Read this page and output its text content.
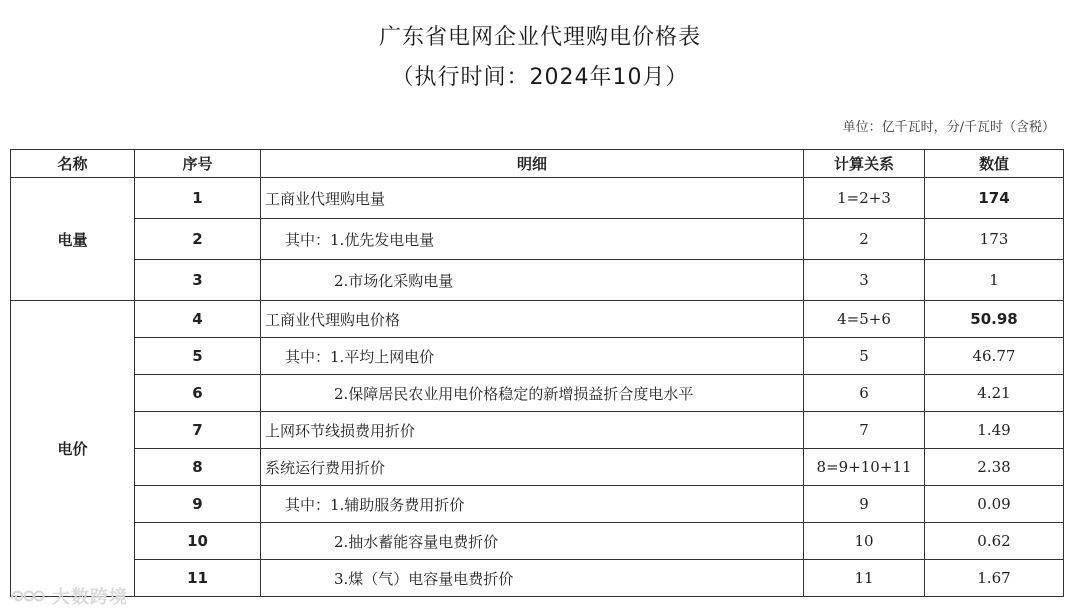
广东省电网企业代理购电价格表
（执行时间：2024年10月）
单位：亿千瓦时，分/千瓦时（含税）
名称	序号	明细	计算关系	数值
电量	1	工商业代理购电量	1=2+3	174
	2	其中：1.优先发电电量	2	173
	3	2.市场化采购电量	3	1
电价	4	工商业代理购电价格	4=5+6	50.98
	5	其中：1.平均上网电价	5	46.77
	6	2.保障居民农业用电价格稳定的新增损益折合度电水平	6	4.21
	7	上网环节线损费用折价	7	1.49
	8	系统运行费用折价	8=9+10+11	2.38
	9	其中：1.辅助服务费用折价	9	0.09
	10	2.抽水蓄能容量电费折价	10	0.62
	11	3.煤（气）电容量电费折价	11	1.67
大数跨境
